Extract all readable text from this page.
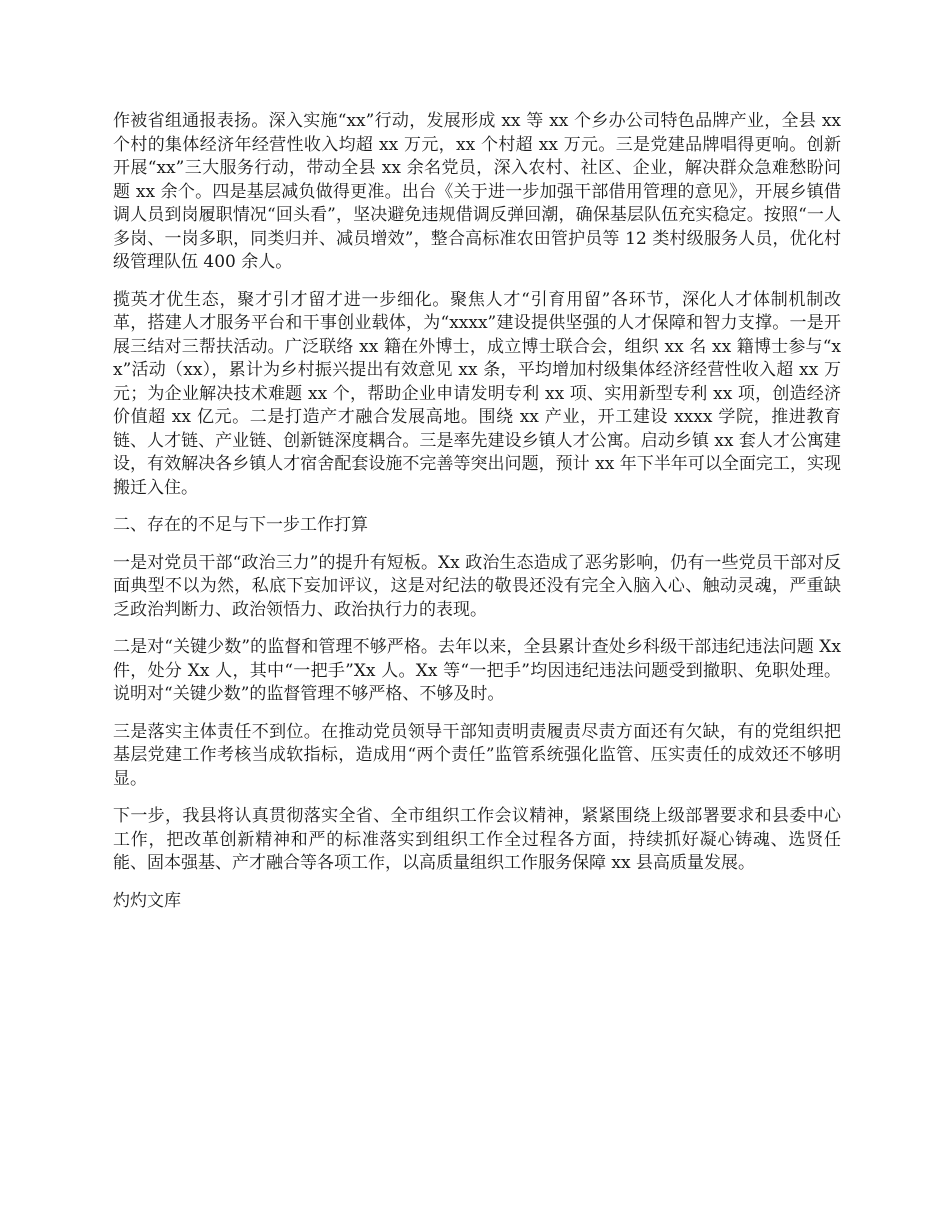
作被省组通报表扬。深入实施“xx”行动，发展形成 xx 等 xx 个乡办公司特色品牌产业，全县 xx 个村的集体经济年经营性收入均超 xx 万元，xx 个村超 xx 万元。三是党建品牌唱得更响。创新开展“xx”三大服务行动，带动全县 xx 余名党员，深入农村、社区、企业，解决群众急难愁盼问题 xx 余个。四是基层减负做得更准。出台《关于进一步加强干部借用管理的意见》，开展乡镇借调人员到岗履职情况“回头看”，坚决避免违规借调反弹回潮，确保基层队伍充实稳定。按照“一人多岗、一岗多职，同类归并、减员增效”，整合高标准农田管护员等 12 类村级服务人员，优化村级管理队伍 400 余人。

揽英才优生态，聚才引才留才进一步细化。聚焦人才“引育用留”各环节，深化人才体制机制改革，搭建人才服务平台和干事创业载体，为“xxxx”建设提供坚强的人才保障和智力支撑。一是开展三结对三帮扶活动。广泛联络 xx 籍在外博士，成立博士联合会，组织 xx 名 xx 籍博士参与“xx”活动（xx），累计为乡村振兴提出有效意见 xx 条，平均增加村级集体经济经营性收入超 xx 万元；为企业解决技术难题 xx 个，帮助企业申请发明专利 xx 项、实用新型专利 xx 项，创造经济价值超 xx 亿元。二是打造产才融合发展高地。围绕 xx 产业，开工建设 xxxx 学院，推进教育链、人才链、产业链、创新链深度耦合。三是率先建设乡镇人才公寓。启动乡镇 xx 套人才公寓建设，有效解决各乡镇人才宿舍配套设施不完善等突出问题，预计 xx 年下半年可以全面完工，实现搬迁入住。

二、存在的不足与下一步工作打算

一是对党员干部“政治三力”的提升有短板。Xx 政治生态造成了恶劣影响，仍有一些党员干部对反面典型不以为然，私底下妄加评议，这是对纪法的敬畏还没有完全入脑入心、触动灵魂，严重缺乏政治判断力、政治领悟力、政治执行力的表现。

二是对“关键少数”的监督和管理不够严格。去年以来，全县累计查处乡科级干部违纪违法问题 Xx 件，处分 Xx 人，其中“一把手”Xx 人。Xx 等“一把手”均因违纪违法问题受到撤职、免职处理。说明对“关键少数”的监督管理不够严格、不够及时。

三是落实主体责任不到位。在推动党员领导干部知责明责履责尽责方面还有欠缺，有的党组织把基层党建工作考核当成软指标，造成用“两个责任”监管系统强化监管、压实责任的成效还不够明显。

下一步，我县将认真贯彻落实全省、全市组织工作会议精神，紧紧围绕上级部署要求和县委中心工作，把改革创新精神和严的标准落实到组织工作全过程各方面，持续抓好凝心铸魂、选贤任能、固本强基、产才融合等各项工作，以高质量组织工作服务保障 xx 县高质量发展。

灼灼文库
